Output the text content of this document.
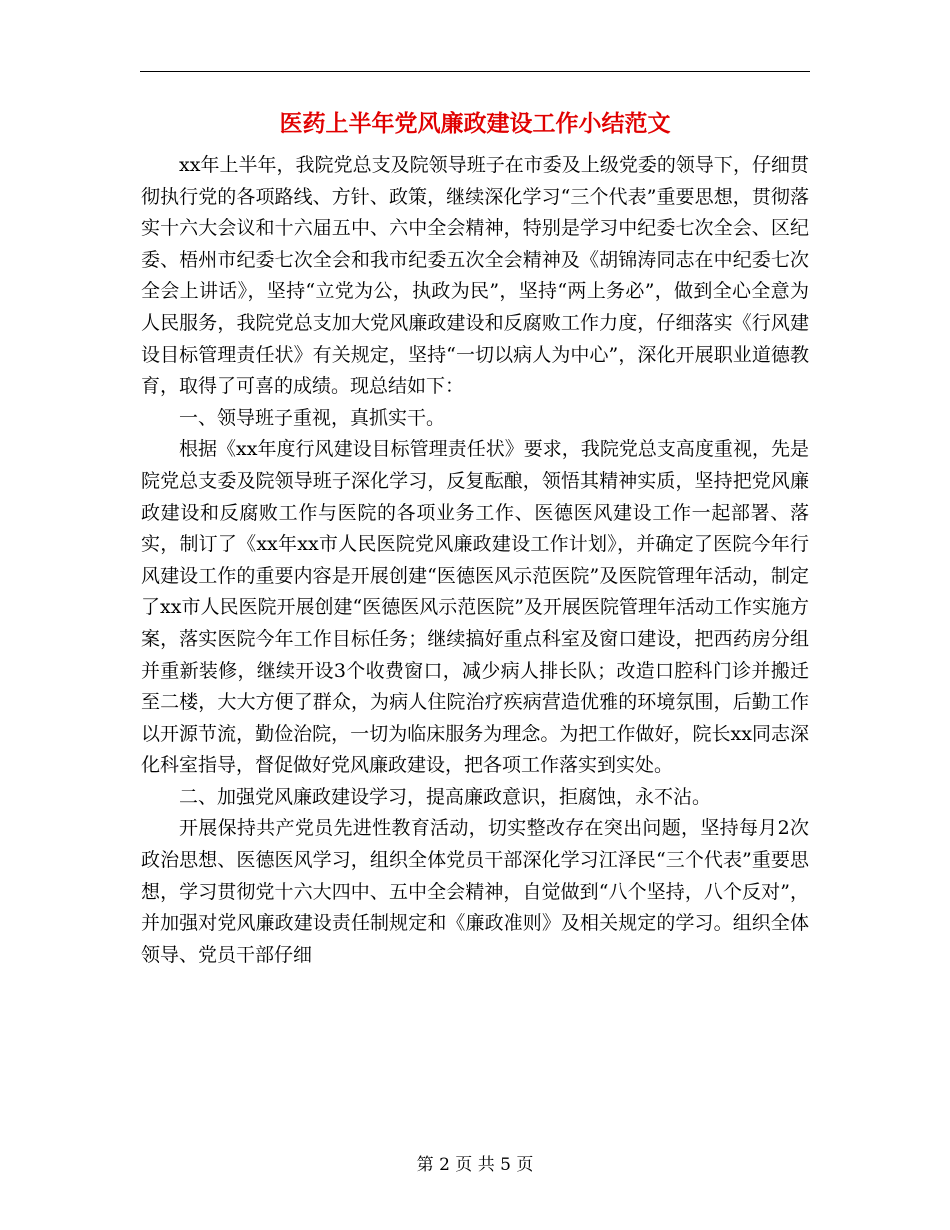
医药上半年党风廉政建设工作小结范文

xx年上半年，我院党总支及院领导班子在市委及上级党委的领导下，仔细贯彻执行党的各项路线、方针、政策，继续深化学习“三个代表”重要思想，贯彻落实十六大会议和十六届五中、六中全会精神，特别是学习中纪委七次全会、区纪委、梧州市纪委七次全会和我市纪委五次全会精神及《胡锦涛同志在中纪委七次全会上讲话》，坚持“立党为公，执政为民”，坚持“两上务必”，做到全心全意为人民服务，我院党总支加大党风廉政建设和反腐败工作力度，仔细落实《行风建设目标管理责任状》有关规定，坚持“一切以病人为中心”，深化开展职业道德教育，取得了可喜的成绩。现总结如下：

一、领导班子重视，真抓实干。

根据《xx年度行风建设目标管理责任状》要求，我院党总支高度重视，先是院党总支委及院领导班子深化学习，反复酝酿，领悟其精神实质，坚持把党风廉政建设和反腐败工作与医院的各项业务工作、医德医风建设工作一起部署、落实，制订了《xx年xx市人民医院党风廉政建设工作计划》，并确定了医院今年行风建设工作的重要内容是开展创建“医德医风示范医院”及医院管理年活动，制定了xx市人民医院开展创建“医德医风示范医院”及开展医院管理年活动工作实施方案，落实医院今年工作目标任务；继续搞好重点科室及窗口建设，把西药房分组并重新装修，继续开设3个收费窗口，减少病人排长队；改造口腔科门诊并搬迁至二楼，大大方便了群众，为病人住院治疗疾病营造优雅的环境氛围，后勤工作以开源节流，勤俭治院，一切为临床服务为理念。为把工作做好，院长xx同志深化科室指导，督促做好党风廉政建设，把各项工作落实到实处。

二、加强党风廉政建设学习，提高廉政意识，拒腐蚀，永不沾。

开展保持共产党员先进性教育活动，切实整改存在突出问题，坚持每月2次政治思想、医德医风学习，组织全体党员干部深化学习江泽民“三个代表”重要思想，学习贯彻党十六大四中、五中全会精神，自觉做到“八个坚持，八个反对”，并加强对党风廉政建设责任制规定和《廉政准则》及相关规定的学习。组织全体领导、党员干部仔细

第 2 页 共 5 页
